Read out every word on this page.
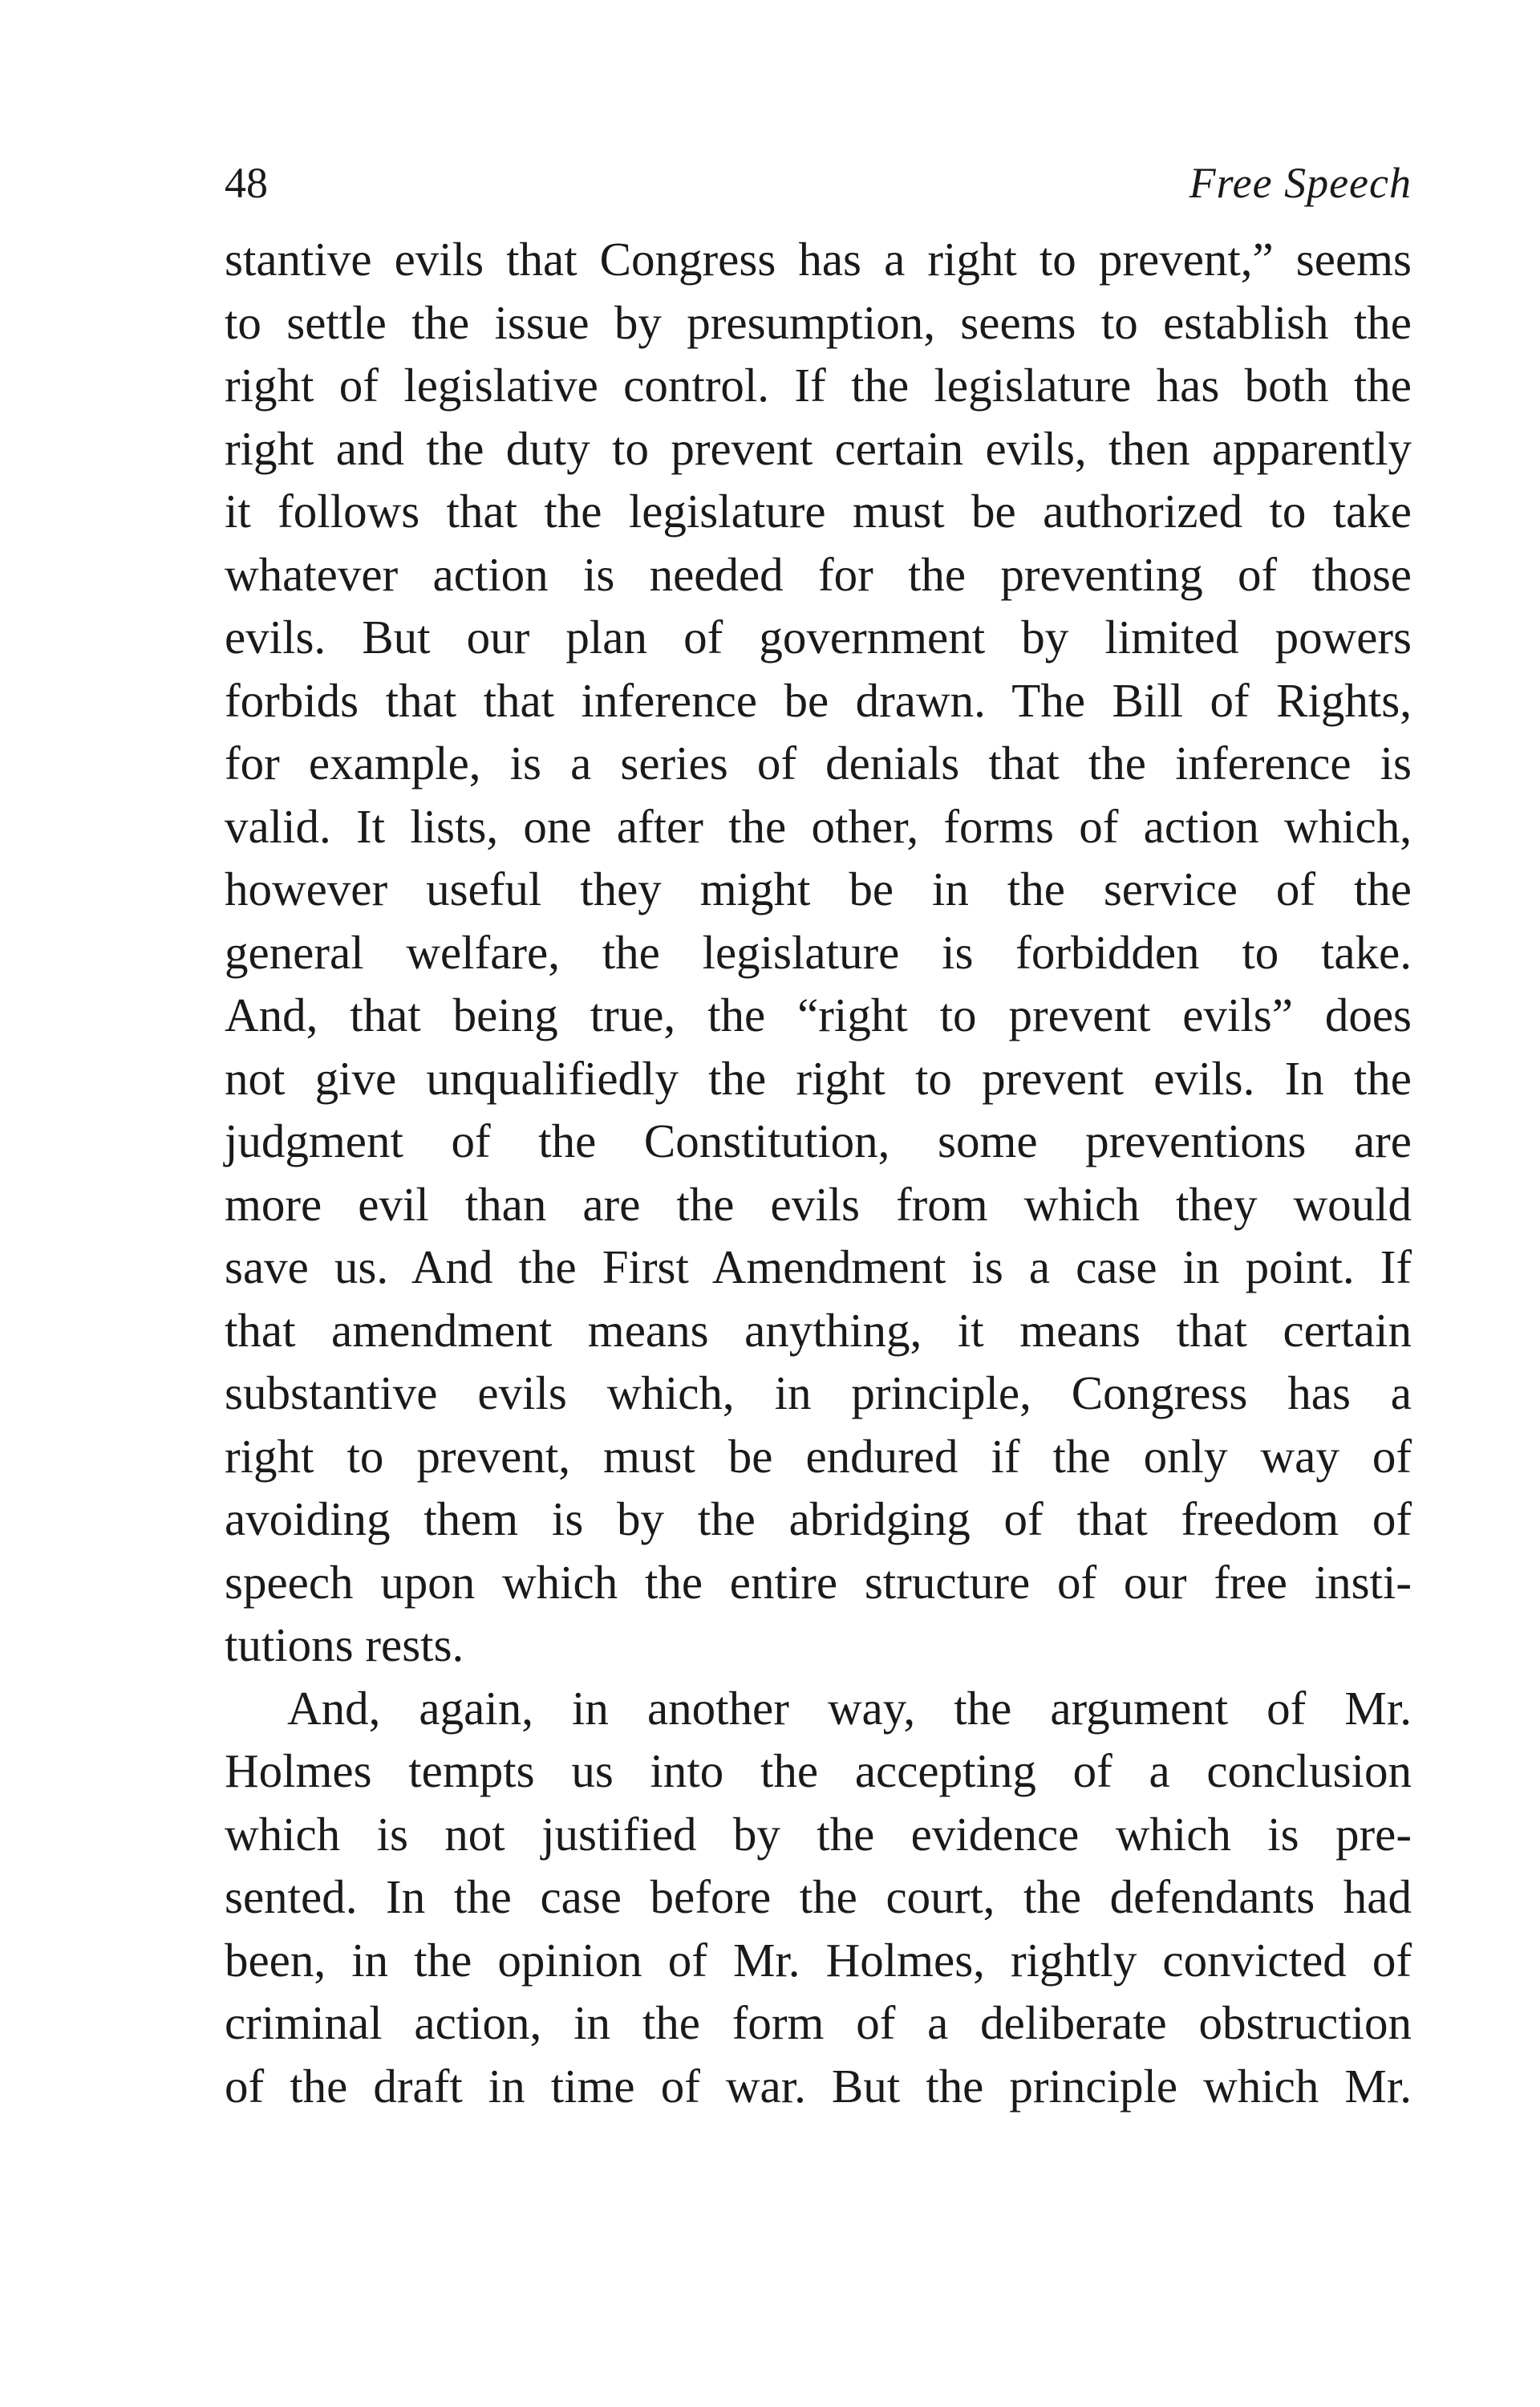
48	Free Speech
stantive evils that Congress has a right to prevent,” seems
to settle the issue by presumption, seems to establish the
right of legislative control. If the legislature has both the
right and the duty to prevent certain evils, then apparently
it follows that the legislature must be authorized to take
whatever action is needed for the preventing of those
evils. But our plan of government by limited powers
forbids that that inference be drawn. The Bill of Rights,
for example, is a series of denials that the inference is
valid. It lists, one after the other, forms of action which,
however useful they might be in the service of the
general welfare, the legislature is forbidden to take.
And, that being true, the “right to prevent evils” does
not give unqualifiedly the right to prevent evils. In the
judgment of the Constitution, some preventions are
more evil than are the evils from which they would
save us. And the First Amendment is a case in point. If
that amendment means anything, it means that certain
substantive evils which, in principle, Congress has a
right to prevent, must be endured if the only way of
avoiding them is by the abridging of that freedom of
speech upon which the entire structure of our free insti-
tutions rests.
And, again, in another way, the argument of Mr.
Holmes tempts us into the accepting of a conclusion
which is not justified by the evidence which is pre-
sented. In the case before the court, the defendants had
been, in the opinion of Mr. Holmes, rightly convicted of
criminal action, in the form of a deliberate obstruction
of the draft in time of war. But the principle which Mr.
